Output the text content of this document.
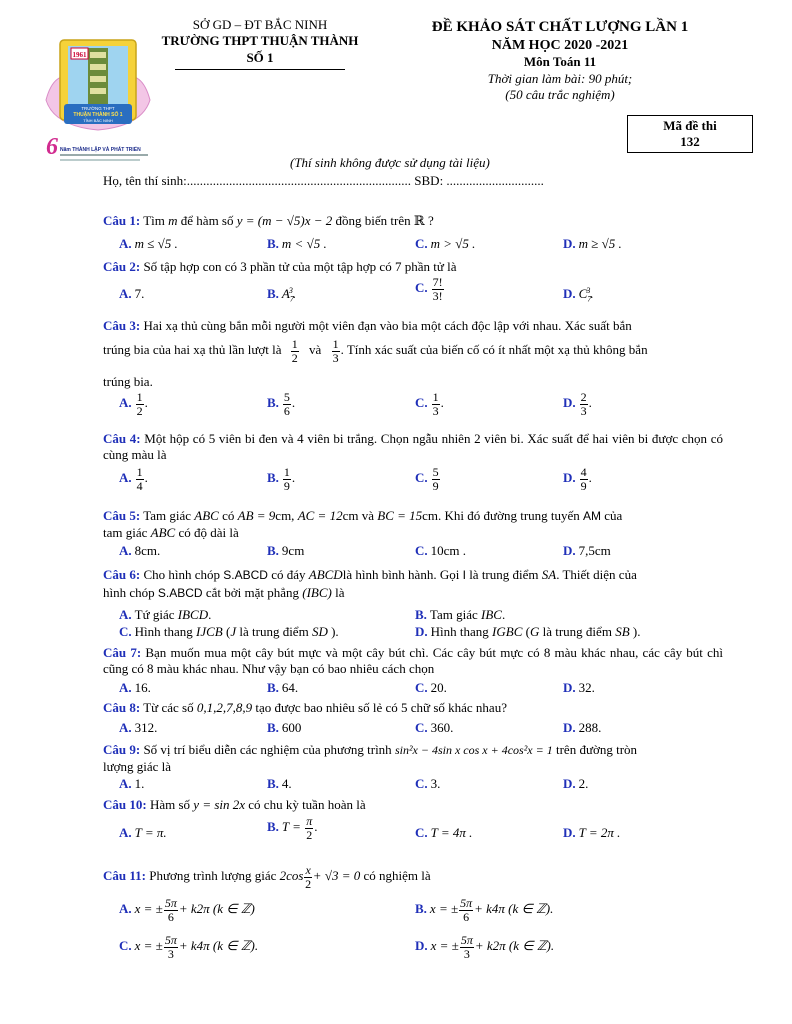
1961
TRƯỜNG THPT
THUẬN THÀNH SỐ 1
TỈNH BẮC NINH
6 Năm THÀNH LẬP VÀ PHÁT TRIỂN
SỞ GD – ĐT BẮC NINH
TRƯỜNG THPT THUẬN THÀNH SỐ 1
ĐỀ KHẢO SÁT CHẤT LƯỢNG LẦN 1
NĂM HỌC 2020 -2021
Môn Toán 11
Thời gian làm bài: 90 phút;
(50 câu trắc nghiệm)
Mã đề thi
132
(Thí sinh không được sử dụng tài liệu)
Họ, tên thí sinh:..................................................................... SBD: ..............................
Câu 1: Tìm m để hàm số y = (m − √5)x − 2 đồng biến trên ℝ ?
A. m ≤ √5 .	B. m < √5 .	C. m > √5 .	D. m ≥ √5 .
Câu 2: Số tập hợp con có 3 phần tử của một tập hợp có 7 phần tử là
A. 7.	B. $A_7^3$.	C. $\frac{7!}{3!}$	D. $C_7^3$.
Câu 3: Hai xạ thủ cùng bắn mỗi người một viên đạn vào bia một cách độc lập với nhau. Xác suất bắn
trúng bia của hai xạ thủ lần lượt là $\frac{1}{2}$ và $\frac{1}{3}$ . Tính xác suất của biến cố có ít nhất một xạ thủ không bắn
trúng bia.
A. $\frac{1}{2}$ .	B. $\frac{5}{6}$ .	C. $\frac{1}{3}$ .	D. $\frac{2}{3}$ .
Câu 4: Một hộp có 5 viên bi đen và 4 viên bi trắng. Chọn ngẫu nhiên 2 viên bi. Xác suất để hai viên bi được chọn có cùng màu là
A. $\frac{1}{4}$ .	B. $\frac{1}{9}$ .	C. $\frac{5}{9}$	D. $\frac{4}{9}$ .
Câu 5: Tam giác ABC có AB = 9cm, AC = 12cm và BC = 15cm. Khi đó đường trung tuyến AM của
tam giác ABC có độ dài là
A. 8cm.	B. 9cm	C. 10cm .	D. 7,5cm
Câu 6: Cho hình chóp S.ABCD có đáy ABCDlà hình bình hành. Gọi I là trung điểm SA. Thiết diện của
hình chóp S.ABCD cắt bởi mặt phẳng (IBC) là
A. Tứ giác IBCD.	B. Tam giác IBC.
C. Hình thang IJCB (J là trung điểm SD ).	D. Hình thang IGBC (G là trung điểm SB ).
Câu 7: Bạn muốn mua một cây bút mực và một cây bút chì. Các cây bút mực có 8 màu khác nhau, các cây bút chì cũng có 8 màu khác nhau. Như vậy bạn có bao nhiêu cách chọn
A. 16.	B. 64.	C. 20.	D. 32.
Câu 8: Từ các số 0,1,2,7,8,9 tạo được bao nhiêu số lẻ có 5 chữ số khác nhau?
A. 312.	B. 600	C. 360.	D. 288.
Câu 9: Số vị trí biểu diễn các nghiệm của phương trình sin²x − 4sin x cos x + 4cos²x = 1 trên đường tròn
lượng giác là
A. 1.	B. 4.	C. 3.	D. 2.
Câu 10: Hàm số y = sin 2x có chu kỳ tuần hoàn là
A. T = π.	B. $T = \frac{\pi}{2}$ .	C. T = 4π .	D. T = 2π .
Câu 11: Phương trình lượng giác $2\cos \frac{x}{2} + √3 = 0$ có nghiệm là
A. x = ± $\frac{5\pi}{6} + k2\pi$ (k ∈ ℤ)	B. x = ± $\frac{5\pi}{6} + k4\pi$ (k ∈ ℤ).
C. x = ± $\frac{5\pi}{3} + k4\pi$ (k ∈ ℤ).	D. x = ± $\frac{5\pi}{3} + k2\pi$ (k ∈ ℤ).
